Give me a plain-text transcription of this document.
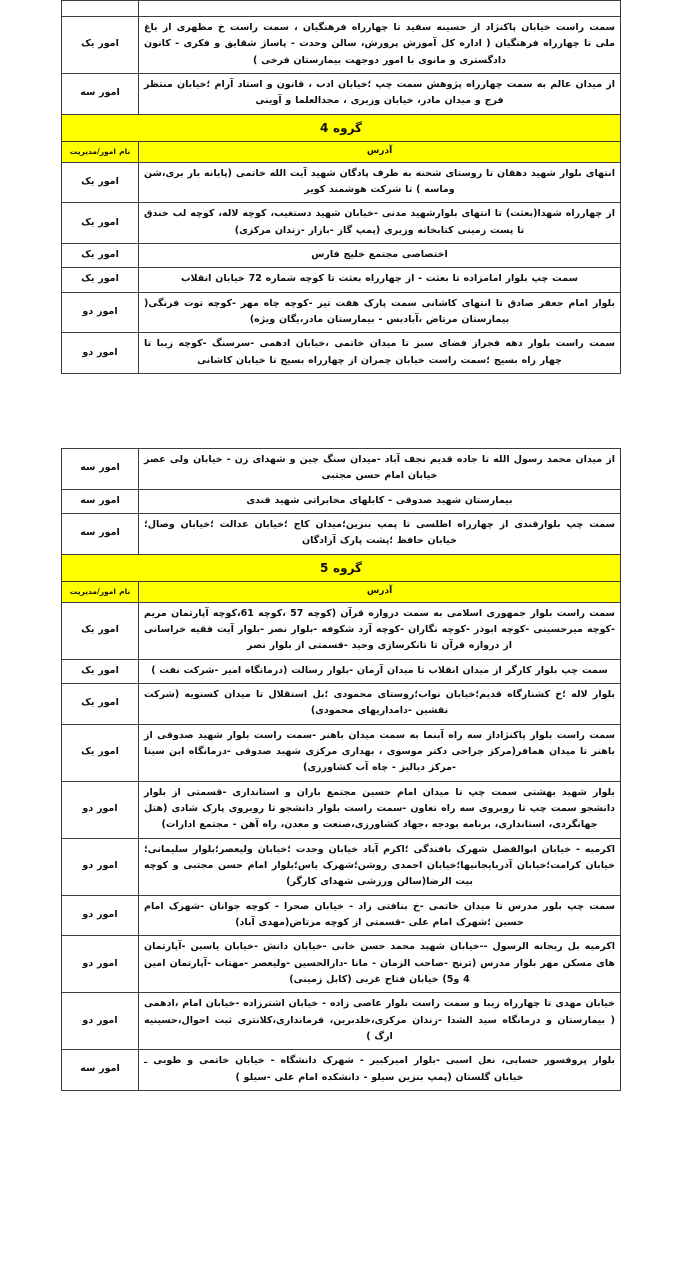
سمت راست خیابان پاکنژاد از حسینه سفید تا چهارراه فرهنگیان ، سمت راست خ مطهری از باغ ملی تا چهارراه فرهنگیان ( اداره کل آموزش پرورش، سالن وحدت - پاساژ شقایق و فکری - کانون دادگستری و مانوی با امور دوجهت بیمارستان فرخی )	امور یک
از میدان عالم به سمت چهارراه پژوهش سمت چپ ؛خیابان ادب ، قانون و استاد آرام ؛خیابان منتظر فرج و میدان مادر، خیابان وزیری ، مجدالعلما و آوینی	امور سه
گروه 4	
آدرس	نام امور/مدیریت
انتهای بلوار شهید دهقان تا روستای شحنه به طرف پادگان شهید آیت الله خاتمی (پایانه بار بری،شن وماسه ) تا شرکت هوشمند کویر	امور یک
از چهارراه شهدا(بعثت) تا انتهای بلوارشهید مدنی -خیابان شهید دستغیب، کوچه لاله، کوچه لب خندق تا پست زمینی کتابخانه وزیری (پمپ گاز -بازار -زندان مرکزی)	امور یک
اختصاصی مجتمع خلیج فارس	امور یک
سمت چپ بلوار امامزاده تا بعثت - از چهارراه بعثت تا کوچه شماره 72 خیابان انقلاب	امور یک
بلوار امام جعفر صادق تا انتهای کاشانی سمت پارک هفت تیر -کوچه چاه مهر -کوچه توت فرنگی( بیمارستان مرتاض ،آبادیس - بیمارستان مادر،یگان ویژه)	امور دو
سمت راست بلوار دهه فجراز فضای سبز تا میدان خاتمی ،خیابان ادهمی -سرسنگ -کوچه زیبا تا چهار راه بسیج ؛سمت راست خیابان چمران از چهارراه بسیج تا خیابان کاشانی	امور دو
از میدان محمد رسول الله تا جاده قدیم نجف آباد -میدان سنگ چین و شهدای زن - خیابان ولی عصر خیابان امام حسن مجتبی	امور سه
بیمارستان شهید صدوقی - کابلهای مخابراتی شهید قندی	امور سه
سمت چپ بلوارقندی از چهارراه اطلسی تا پمپ بنزین؛میدان کاج ؛خیابان عدالت ؛خیابان وصال؛خیابان حافظ ؛پشت پارک آزادگان	امور سه
گروه 5	
آدرس	نام امور/مدیریت
سمت راست بلوار جمهوری اسلامی به سمت دروازه قرآن (کوچه 57 ،کوچه 61،کوچه آپارتمان مریم -کوچه میرحسینی -کوچه ابوذر -کوچه نگاران -کوچه آرد شکوفه -بلوار نصر -بلوار آیت فقیه خراسانی از دروازه قرآن تا تانکرسازی وحید -قسمتی از بلوار نصر	امور یک
سمت چپ بلوار کارگر از میدان انقلاب تا میدان آرمان -بلوار رسالت (درمانگاه امیر -شرکت نفت )	امور یک
بلوار لاله ؛خ کشنارگاه قدیم؛خیابان نواب؛روستای محمودی ؛بل استقلال تا میدان کسنویه (شرکت نقشین -دامداریهای محمودی)	امور یک
سمت راست بلوار پاکنژاداز سه راه آبنما به سمت میدان باهنر -سمت راست بلوار شهید صدوقی از باهنر تا میدان همافر(مرکز جراحی دکتر موسوی ، بهداری مرکزی شهید صدوقی -درمانگاه ابن سینا -مرکز دیالیز - چاه آب کشاورزی)	امور یک
بلوار شهید بهشتی سمت چپ تا میدان امام حسین مجتمع باران و استانداری -قسمتی از بلوار دانشجو سمت چپ تا روبروی سه راه تعاون -سمت راست بلوار دانشجو تا روبروی پارک شادی (هتل جهانگردی، استانداری، برنامه بودجه ،جهاد کشاورزی،صنعت و معدن، راه آهن - مجتمع ادارات)	امور دو
اکرمیه - خیابان ابوالفضل شهرک بافندگی ؛اکرم آباد خیابان وحدت ؛خیابان ولیعصر؛بلوار سلیمانی؛ خیابان کرامت؛خیابان آذربایجانیها؛خیابان احمدی روشن؛شهرک یاس؛بلوار امام حسن مجتبی و کوچه بیت الرضا(سالن ورزشی شهدای کارگر)	امور دو
سمت چپ بلور مدرس تا میدان خاتمی -خ بنافتی زاد - خیابان صحرا - کوچه جوانان -شهرک امام حسین ؛شهرک امام علی -قسمتی از کوچه مرتاض(مهدی آباد)	امور دو
اکرمیه بل ریحانه الرسول --خیابان شهید محمد حسن خانی -خیابان دانش -خیابان یاسین -آپارتمان های مسکن مهر بلوار مدرس (ترنج -صاحب الزمان - مانا -دارالحسین -ولیعصر -مهتاب -آپارتمان امین 4 و5) خیابان فتاح غربی (کابل زمینی)	امور دو
خیابان مهدی تا چهارراه زیبا و سمت راست بلوار عاصی زاده - خیابان اشترزاده -خیابان امام ،ادهمی ( بیمارستان و درمانگاه سید الشدا -زندان مرکزی،خلدبرین، فرمانداری،کلانتری ثبت احوال،حسینیه ارگ )	امور دو
بلوار پروفسور حسابی، نعل اسبی -بلوار امیرکبیر - شهرک دانشگاه - خیابان خاتمی و طوبی ـ خیابان گلستان (پمپ بنزین سیلو - دانشکده امام علی -سیلو )	امور سه
